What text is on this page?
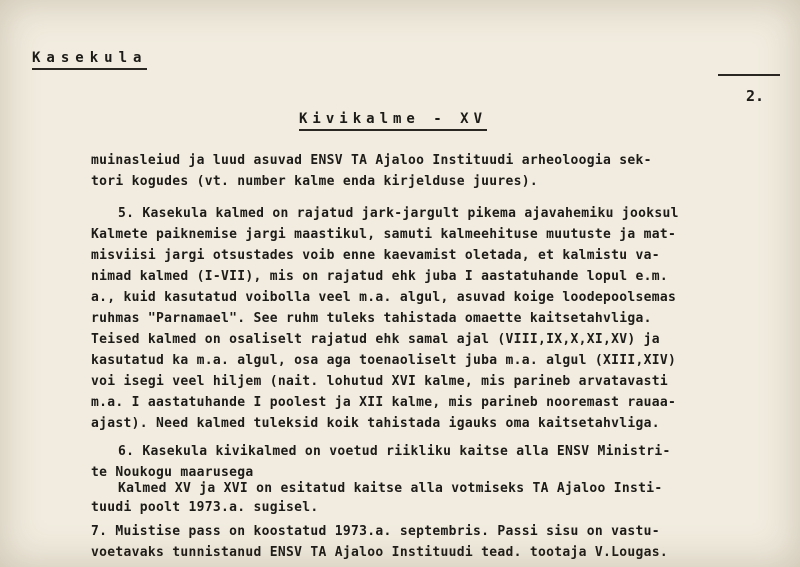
Kasekula
2.
Kivikalme - XV
muinasleiud ja luud asuvad ENSV TA Ajaloo Instituudi arheoloogia sek-
tori kogudes (vt. number kalme enda kirjelduse juures).
5. Kasekula kalmed on rajatud jark-jargult pikema ajavahemiku jooksul
Kalmete paiknemise jargi maastikul, samuti kalmeehituse muutuste ja mat-
misviisi jargi otsustades voib enne kaevamist oletada, et kalmistu va-
nimad kalmed (I-VII), mis on rajatud ehk juba I aastatuhande lopul e.m.
a., kuid kasutatud voibolla veel m.a. algul, asuvad koige loodepoolsemas
ruhmas "Parnamael". See ruhm tuleks tahistada omaette kaitsetahvliga.
Teised kalmed on osaliselt rajatud ehk samal ajal (VIII,IX,X,XI,XV) ja
kasutatud ka m.a. algul, osa aga toenaoliselt juba m.a. algul (XIII,XIV)
voi isegi veel hiljem (nait. lohutud XVI kalme, mis parineb arvatavasti
m.a. I aastatuhande I poolest ja XII kalme, mis parineb nooremast rauaa-
ajast). Need kalmed tuleksid koik tahistada igauks oma kaitsetahvliga.
6. Kasekula kivikalmed on voetud riikliku kaitse alla ENSV Ministri-
te Noukogu maarusega
Kalmed XV ja XVI on esitatud kaitse alla votmiseks TA Ajaloo Insti-
tuudi poolt 1973.a. sugisel.
7. Muistise pass on koostatud 1973.a. septembris. Passi sisu on vastu-
voetavaks tunnistanud ENSV TA Ajaloo Instituudi tead. tootaja V.Lougas.
